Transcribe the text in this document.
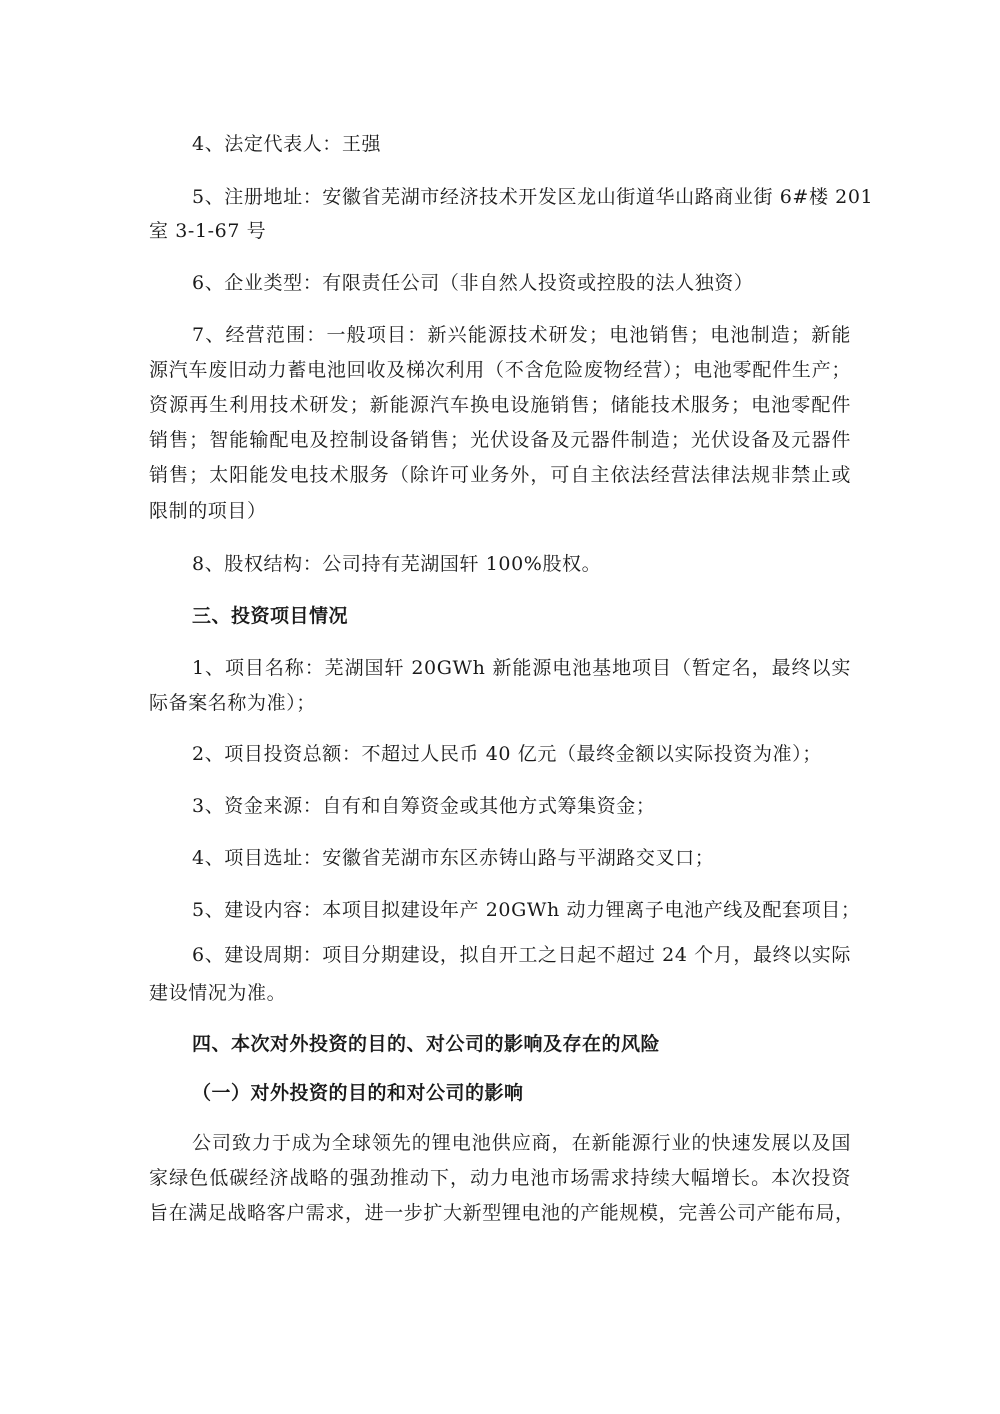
4、法定代表人：王强
5、注册地址：安徽省芜湖市经济技术开发区龙山街道华山路商业街 6#楼 201
室 3-1-67 号
6、企业类型：有限责任公司（非自然人投资或控股的法人独资）
7、经营范围：一般项目：新兴能源技术研发；电池销售；电池制造；新能
源汽车废旧动力蓄电池回收及梯次利用（不含危险废物经营）；电池零配件生产；
资源再生利用技术研发；新能源汽车换电设施销售；储能技术服务；电池零配件
销售；智能输配电及控制设备销售；光伏设备及元器件制造；光伏设备及元器件
销售；太阳能发电技术服务（除许可业务外，可自主依法经营法律法规非禁止或
限制的项目）
8、股权结构：公司持有芜湖国轩 100%股权。
三、投资项目情况
1、项目名称：芜湖国轩 20GWh 新能源电池基地项目（暂定名，最终以实
际备案名称为准）；
2、项目投资总额：不超过人民币 40 亿元（最终金额以实际投资为准）；
3、资金来源：自有和自筹资金或其他方式筹集资金；
4、项目选址：安徽省芜湖市东区赤铸山路与平湖路交叉口；
5、建设内容：本项目拟建设年产 20GWh 动力锂离子电池产线及配套项目；
6、建设周期：项目分期建设，拟自开工之日起不超过 24 个月，最终以实际
建设情况为准。
四、本次对外投资的目的、对公司的影响及存在的风险
（一）对外投资的目的和对公司的影响
公司致力于成为全球领先的锂电池供应商，在新能源行业的快速发展以及国
家绿色低碳经济战略的强劲推动下，动力电池市场需求持续大幅增长。本次投资
旨在满足战略客户需求，进一步扩大新型锂电池的产能规模，完善公司产能布局，
